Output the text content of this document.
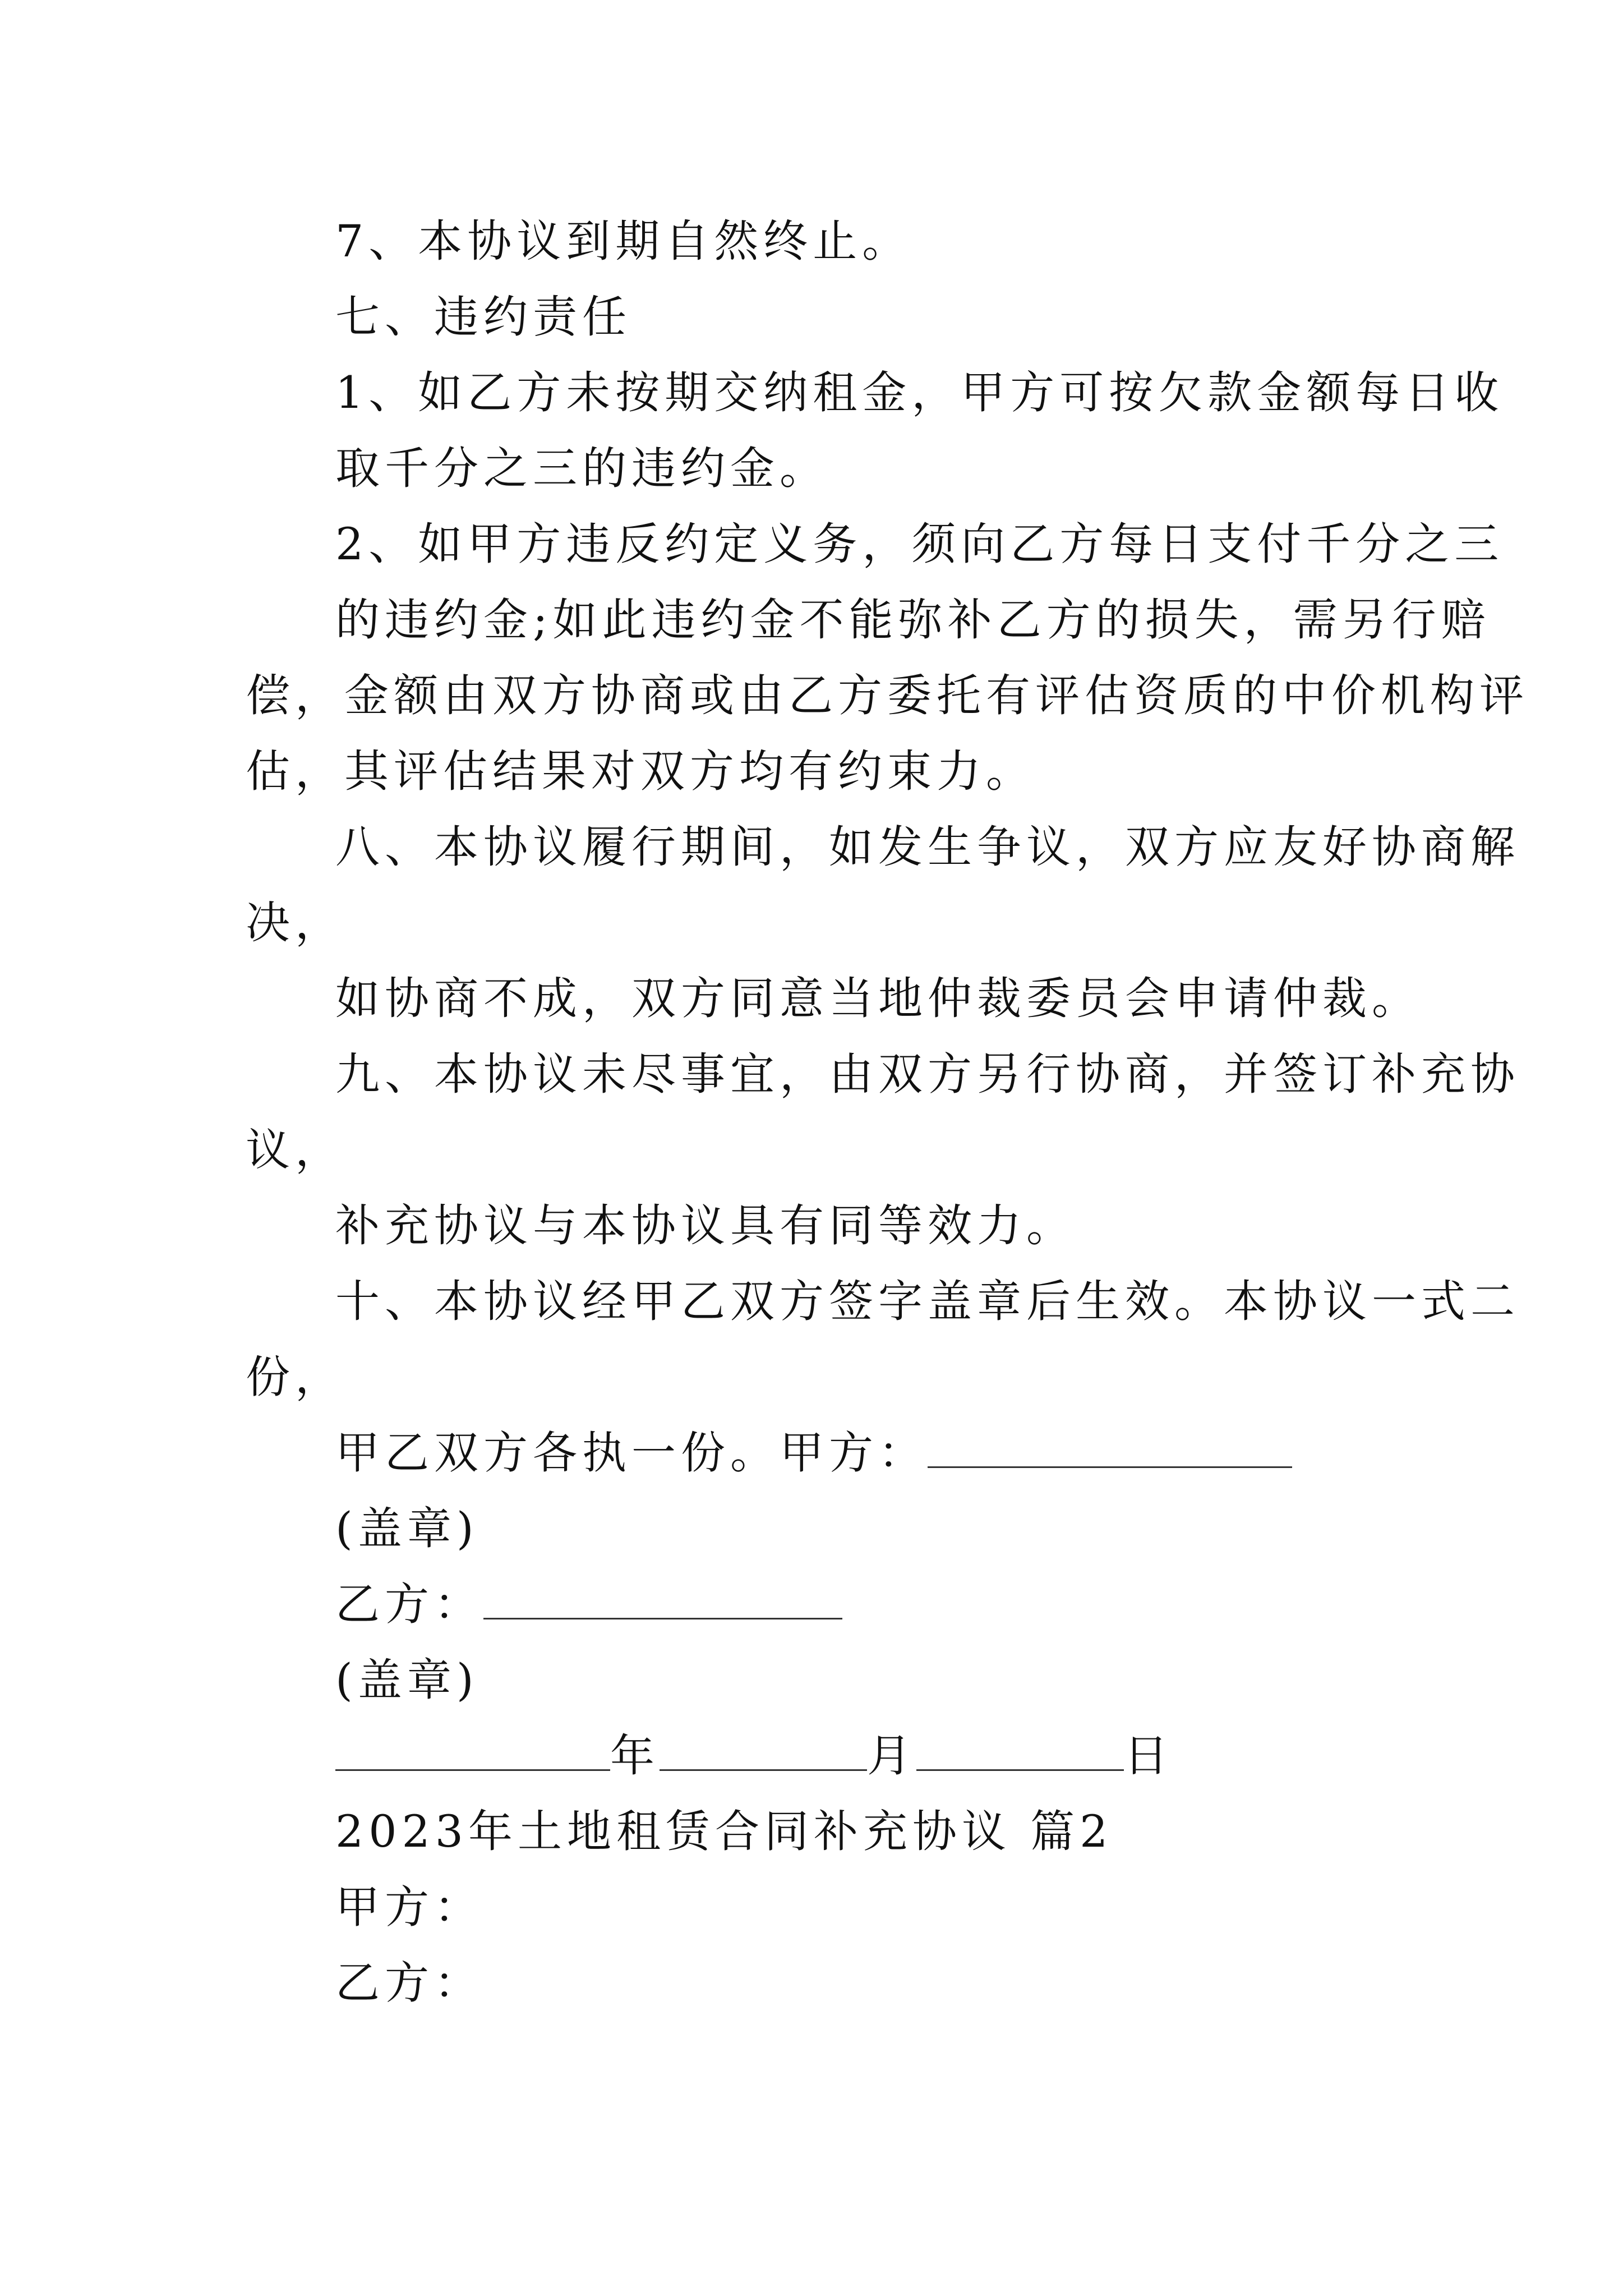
7、本协议到期自然终止。
七、违约责任
1、如乙方未按期交纳租金，甲方可按欠款金额每日收
取千分之三的违约金。
2、如甲方违反约定义务，须向乙方每日支付千分之三
的违约金;如此违约金不能弥补乙方的损失，需另行赔
偿，金额由双方协商或由乙方委托有评估资质的中价机构评
估，其评估结果对双方均有约束力。
八、本协议履行期间，如发生争议，双方应友好协商解
决，
如协商不成，双方同意当地仲裁委员会申请仲裁。
九、本协议未尽事宜，由双方另行协商，并签订补充协
议，
补充协议与本协议具有同等效力。
十、本协议经甲乙双方签字盖章后生效。本协议一式二
份，
甲乙双方各执一份。甲方：
(盖章)
乙方：
(盖章)
年	月	日
2023年土地租赁合同补充协议 篇2
甲方：
乙方：
